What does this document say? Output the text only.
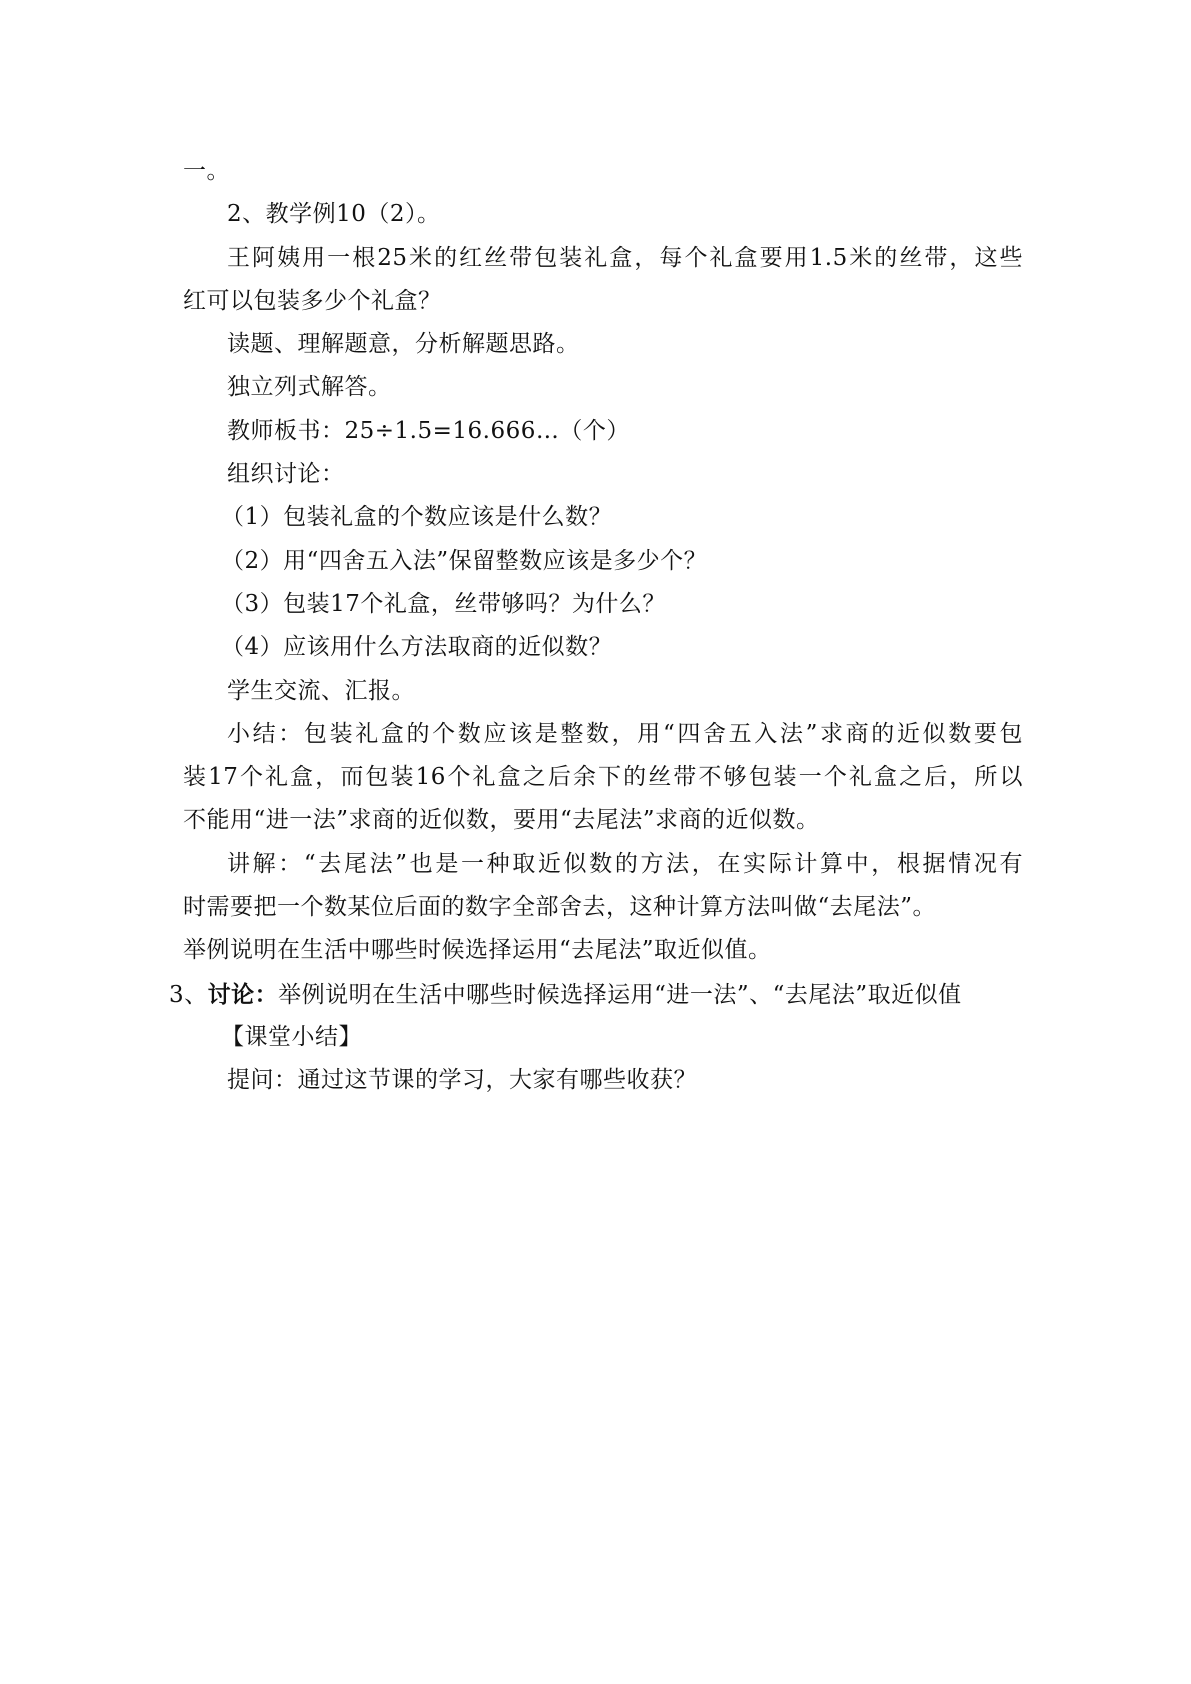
一。
2、教学例10（2）。
王阿姨用一根25米的红丝带包装礼盒，每个礼盒要用1.5米的丝带，这些
红可以包装多少个礼盒？
读题、理解题意，分析解题思路。
独立列式解答。
教师板书：25÷1.5=16.666…（个）
组织讨论：
（1）包装礼盒的个数应该是什么数？
（2）用“四舍五入法”保留整数应该是多少个？
（3）包装17个礼盒，丝带够吗？为什么？
（4）应该用什么方法取商的近似数？
学生交流、汇报。
小结：包装礼盒的个数应该是整数，用“四舍五入法”求商的近似数要包
装17个礼盒，而包装16个礼盒之后余下的丝带不够包装一个礼盒之后，所以
不能用“进一法”求商的近似数，要用“去尾法”求商的近似数。
讲解：“去尾法”也是一种取近似数的方法，在实际计算中，根据情况有
时需要把一个数某位后面的数字全部舍去，这种计算方法叫做“去尾法”。
举例说明在生活中哪些时候选择运用“去尾法”取近似值。
3、讨论：举例说明在生活中哪些时候选择运用“进一法”、“去尾法”取近似值
【课堂小结】
提问：通过这节课的学习，大家有哪些收获？
